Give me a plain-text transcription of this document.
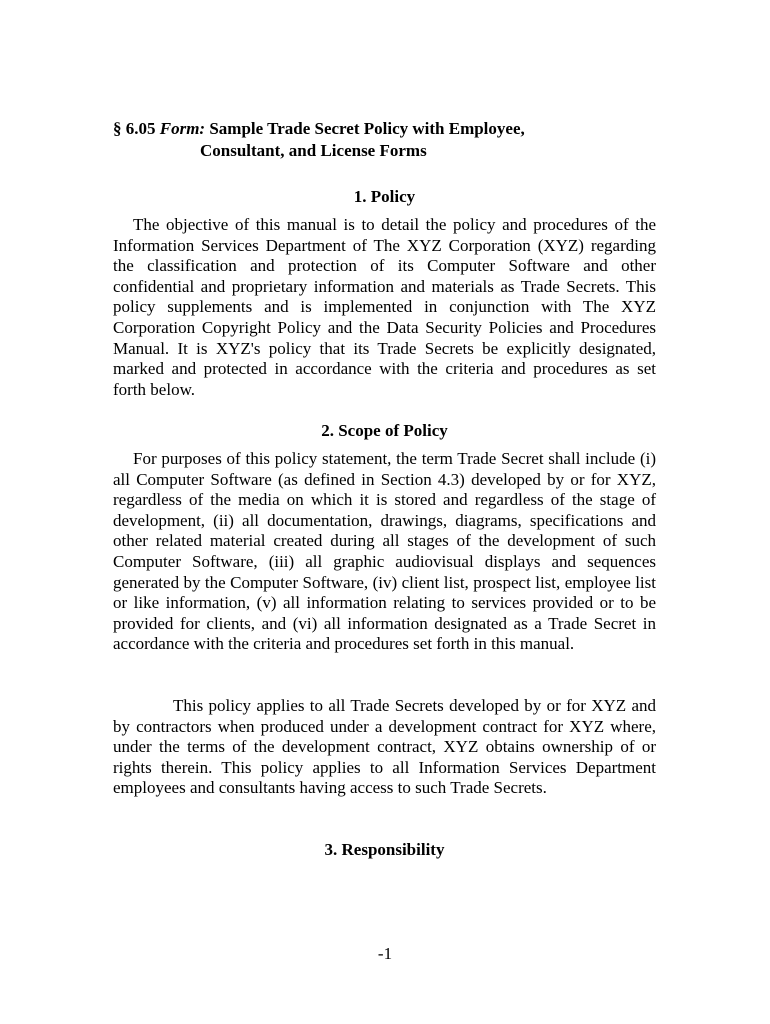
§ 6.05 Form: Sample Trade Secret Policy with Employee,
Consultant, and License Forms
1. Policy
The objective of this manual is to detail the policy and procedures of the Information Services Department of The XYZ Corporation (XYZ) regarding the classification and protection of its Computer Software and other confidential and proprietary information and materials as Trade Secrets. This policy supplements and is implemented in conjunction with The XYZ Corporation Copyright Policy and the Data Security Policies and Procedures Manual. It is XYZ's policy that its Trade Secrets be explicitly designated, marked and protected in accordance with the criteria and procedures as set forth below.
2. Scope of Policy
For purposes of this policy statement, the term Trade Secret shall include (i) all Computer Software (as defined in Section 4.3) developed by or for XYZ, regardless of the media on which it is stored and regardless of the stage of development, (ii) all documentation, drawings, diagrams, specifications and other related material created during all stages of the development of such Computer Software, (iii) all graphic audiovisual displays and sequences generated by the Computer Software, (iv) client list, prospect list, employee list or like information, (v) all information relating to services provided or to be provided for clients, and (vi) all information designated as a Trade Secret in accordance with the criteria and procedures set forth in this manual.
This policy applies to all Trade Secrets developed by or for XYZ and by contractors when produced under a development contract for XYZ where, under the terms of the development contract, XYZ obtains ownership of or rights therein. This policy applies to all Information Services Department employees and consultants having access to such Trade Secrets.
3. Responsibility
-1
